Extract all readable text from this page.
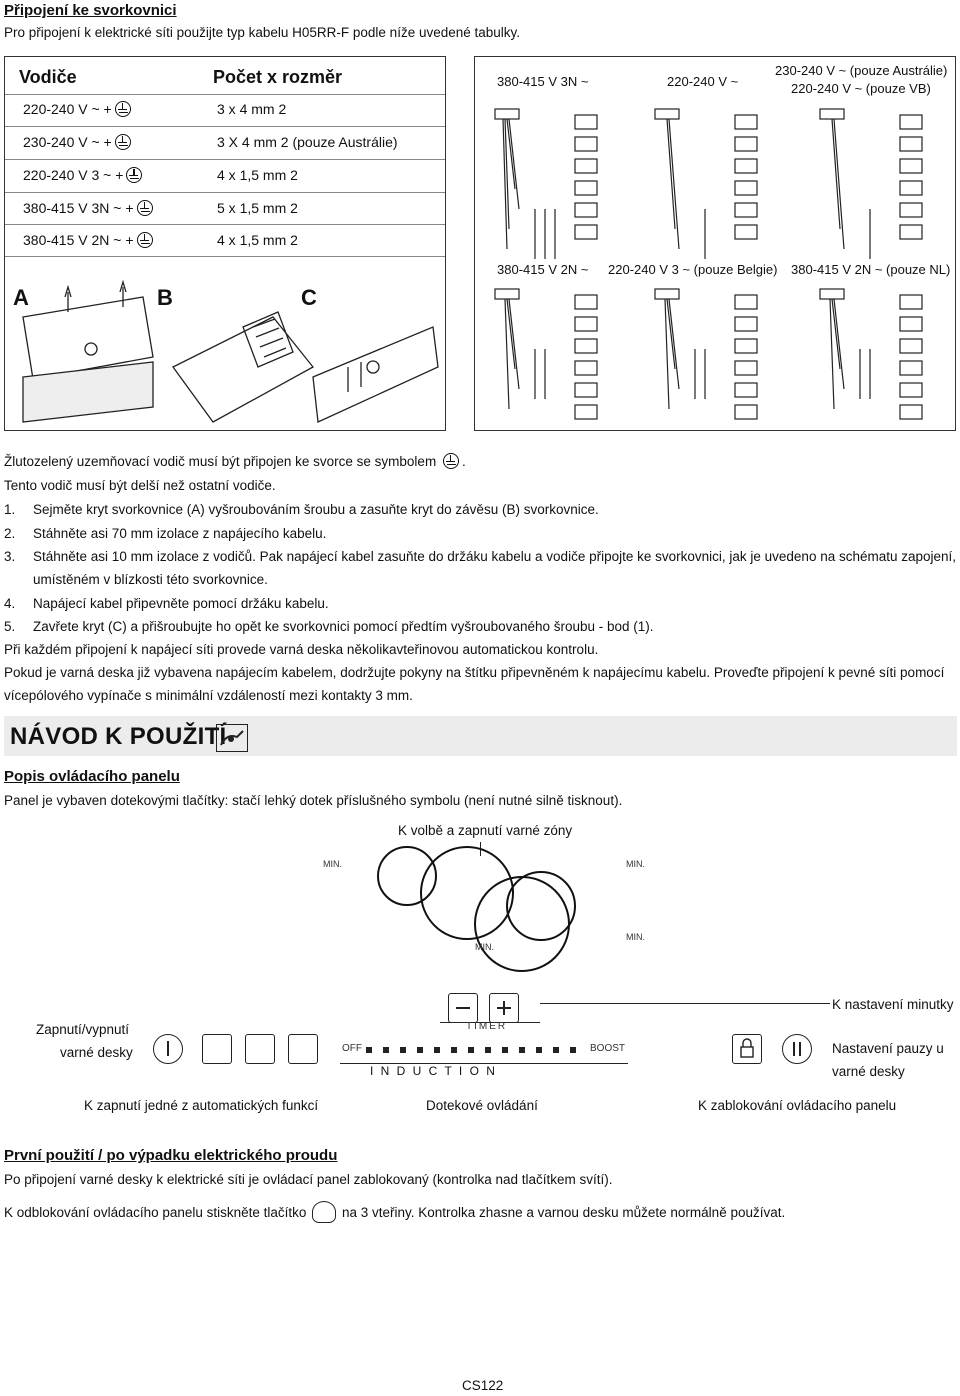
Připojení ke svorkovnici
Pro připojení k elektrické síti použijte typ kabelu H05RR-F podle níže uvedené tabulky.
Vodiče	Počet x rozměr
220-240 V ~ +	3 x 4 mm 2
230-240 V ~ +	3 X 4 mm 2 (pouze Austrálie)
220-240 V 3 ~ +	4 x 1,5 mm 2
380-415 V 3N ~ +	5 x 1,5 mm 2
380-415 V 2N ~ +	4 x 1,5 mm 2
A	B	C
380-415 V 3N ~	220-240 V ~
230-240 V ~ (pouze Austrálie)
220-240 V ~ (pouze VB)
380-415 V 2N ~ 220-240 V 3 ~ (pouze Belgie) 380-415 V 2N ~ (pouze NL)
Žlutozelený uzemňovací vodič musí být připojen ke svorce se symbolem .
Tento vodič musí být delší než ostatní vodiče.
1. Sejměte kryt svorkovnice (A) vyšroubováním šroubu a zasuňte kryt do závěsu (B) svorkovnice.
2. Stáhněte asi 70 mm izolace z napájecího kabelu.
3. Stáhněte asi 10 mm izolace z vodičů. Pak napájecí kabel zasuňte do držáku kabelu a vodiče připojte ke svorkovnici, jak je uvedeno na schématu zapojení,
umístěném v blízkosti této svorkovnice.
4. Napájecí kabel připevněte pomocí držáku kabelu.
5. Zavřete kryt (C) a přišroubujte ho opět ke svorkovnici pomocí předtím vyšroubovaného šroubu - bod (1).
Při každém připojení k napájecí síti provede varná deska několikavteřinovou automatickou kontrolu.
Pokud je varná deska již vybavena napájecím kabelem, dodržujte pokyny na štítku připevněném k napájecímu kabelu. Proveďte připojení k pevné síti pomocí
vícepólového vypínače s minimální vzdáleností mezi kontakty 3 mm.
NÁVOD K POUŽITÍ
Popis ovládacího panelu
Panel je vybaven dotekovými tlačítky: stačí lehký dotek příslušného symbolu (není nutné silně tisknout).
K volbě a zapnutí varné zóny
MIN.	MIN.
MIN.
MIN.
TIMER
K nastavení minutky
OFF	BOOST
I N D U C T I O N
Zapnutí/vypnutí
varné desky
K zapnutí jedné z automatických funkcí	Dotekové ovládání
Nastavení pauzy u
varné desky
K zablokování ovládacího panelu
První použití / po výpadku elektrického proudu
Po připojení varné desky k elektrické síti je ovládací panel zablokovaný (kontrolka nad tlačítkem svítí).
K odblokování ovládacího panelu stiskněte tlačítko	na 3 vteřiny. Kontrolka zhasne a varnou desku můžete normálně používat.
CS122
